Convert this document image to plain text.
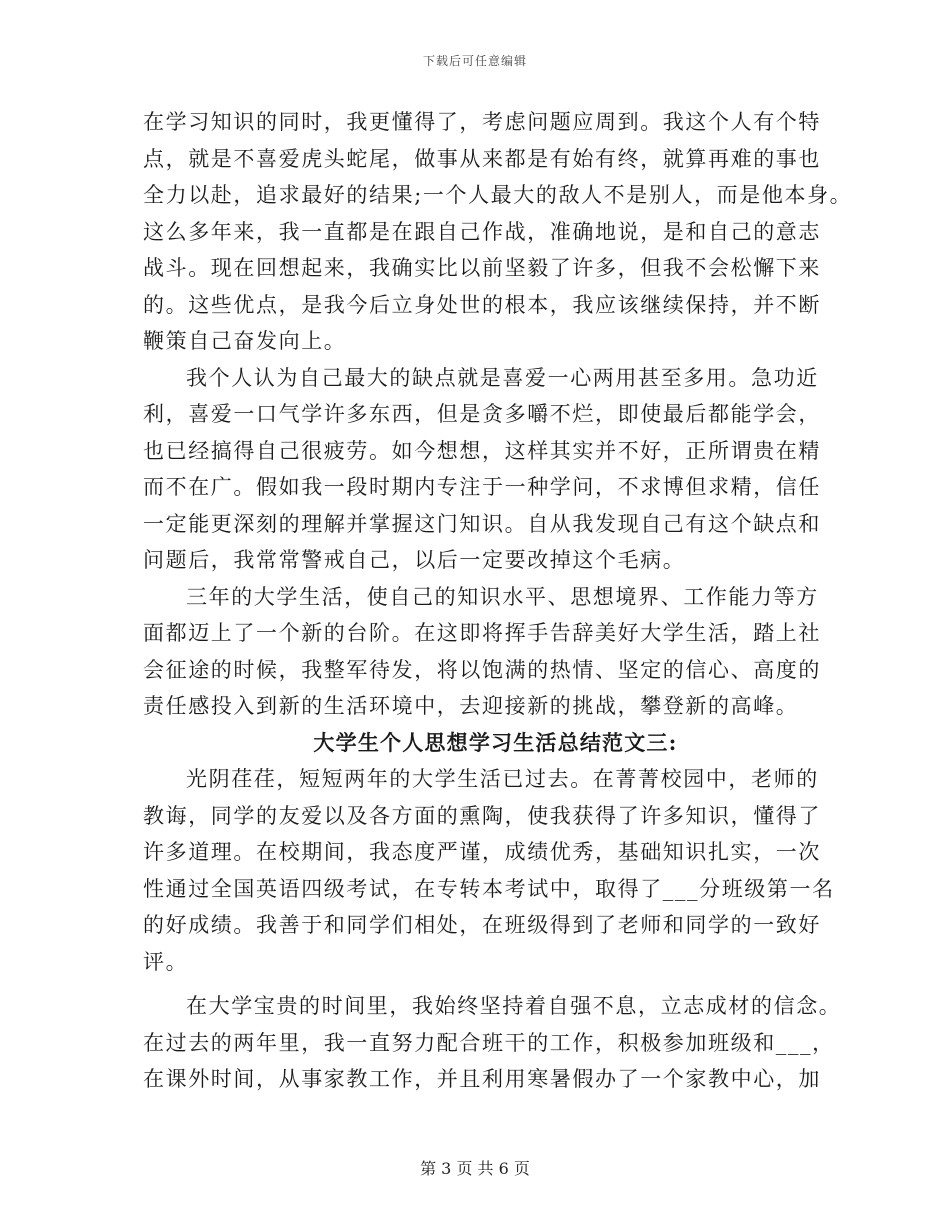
下载后可任意编辑
在学习知识的同时，我更懂得了，考虑问题应周到。我这个人有个特
点，就是不喜爱虎头蛇尾，做事从来都是有始有终，就算再难的事也
全力以赴，追求最好的结果;一个人最大的敌人不是别人，而是他本身。
这么多年来，我一直都是在跟自己作战，准确地说，是和自己的意志
战斗。现在回想起来，我确实比以前坚毅了许多，但我不会松懈下来
的。这些优点，是我今后立身处世的根本，我应该继续保持，并不断
鞭策自己奋发向上。
我个人认为自己最大的缺点就是喜爱一心两用甚至多用。急功近
利，喜爱一口气学许多东西，但是贪多嚼不烂，即使最后都能学会，
也已经搞得自己很疲劳。如今想想，这样其实并不好，正所谓贵在精
而不在广。假如我一段时期内专注于一种学问，不求博但求精，信任
一定能更深刻的理解并掌握这门知识。自从我发现自己有这个缺点和
问题后，我常常警戒自己，以后一定要改掉这个毛病。
三年的大学生活，使自己的知识水平、思想境界、工作能力等方
面都迈上了一个新的台阶。在这即将挥手告辞美好大学生活，踏上社
会征途的时候，我整军待发，将以饱满的热情、坚定的信心、高度的
责任感投入到新的生活环境中，去迎接新的挑战，攀登新的高峰。
大学生个人思想学习生活总结范文三:
光阴荏荏，短短两年的大学生活已过去。在菁菁校园中，老师的
教诲，同学的友爱以及各方面的熏陶，使我获得了许多知识，懂得了
许多道理。在校期间，我态度严谨，成绩优秀，基础知识扎实，一次
性通过全国英语四级考试，在专转本考试中，取得了___分班级第一名
的好成绩。我善于和同学们相处，在班级得到了老师和同学的一致好
评。
在大学宝贵的时间里，我始终坚持着自强不息，立志成材的信念。
在过去的两年里，我一直努力配合班干的工作，积极参加班级和___，
在课外时间，从事家教工作，并且利用寒暑假办了一个家教中心，加
第 3 页 共 6 页
